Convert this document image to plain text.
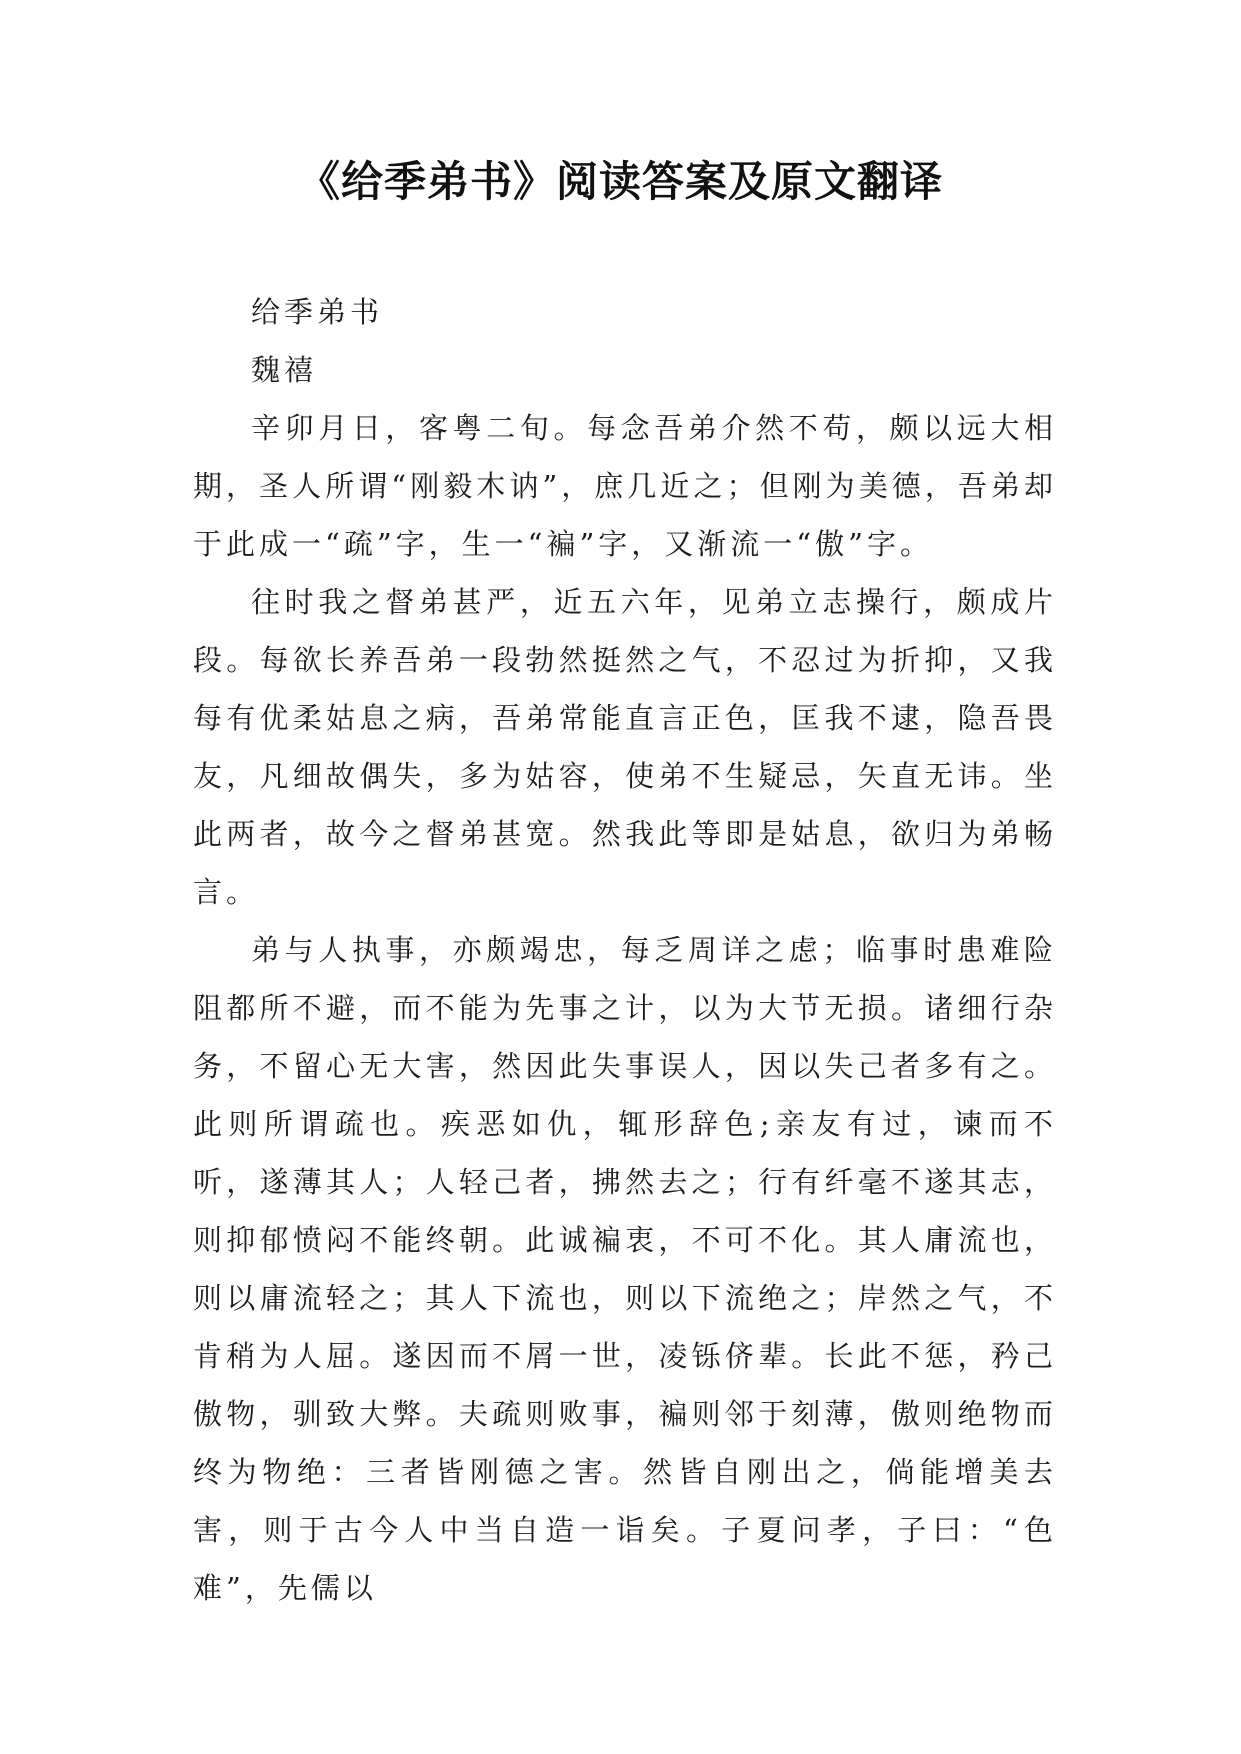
《给季弟书》阅读答案及原文翻译

给季弟书

魏禧

辛卯月日，客粤二旬。每念吾弟介然不苟，颇以远大相期，圣人所谓“刚毅木讷”，庶几近之；但刚为美德，吾弟却于此成一“疏”字，生一“褊”字，又渐流一“傲”字。

往时我之督弟甚严，近五六年，见弟立志操行，颇成片段。每欲长养吾弟一段勃然挺然之气，不忍过为折抑，又我每有优柔姑息之病，吾弟常能直言正色，匡我不逮，隐吾畏友，凡细故偶失，多为姑容，使弟不生疑忌，矢直无讳。坐此两者，故今之督弟甚宽。然我此等即是姑息，欲归为弟畅言。

弟与人执事，亦颇竭忠，每乏周详之虑；临事时患难险阻都所不避，而不能为先事之计，以为大节无损。诸细行杂务，不留心无大害，然因此失事误人，因以失己者多有之。此则所谓疏也。疾恶如仇，辄形辞色;亲友有过，谏而不听，遂薄其人；人轻己者，拂然去之；行有纤毫不遂其志，则抑郁愤闷不能终朝。此诚褊衷，不可不化。其人庸流也，则以庸流轻之；其人下流也，则以下流绝之；岸然之气，不肯稍为人屈。遂因而不屑一世，凌铄侪辈。长此不惩，矜己傲物，驯致大弊。夫疏则败事，褊则邻于刻薄，傲则绝物而终为物绝：三者皆刚德之害。然皆自刚出之，倘能增美去害，则于古今人中当自造一诣矣。子夏问孝，子曰：“色难”，先儒以
